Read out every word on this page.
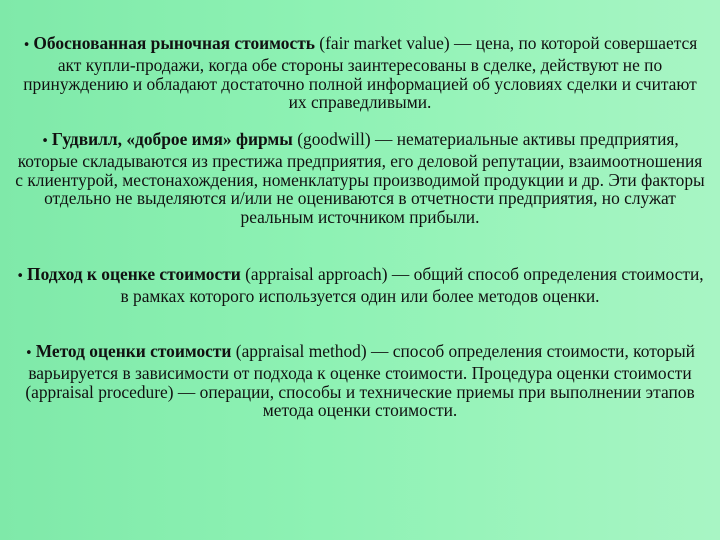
• Обоснованная рыночная стоимость (fair market value) — цена, по которой совершается акт купли-продажи, когда обе стороны заинтересованы в сделке, действуют не по принуждению и обладают достаточно полной информацией об условиях сделки и считают их справедливыми.

• Гудвилл, «доброе имя» фирмы (goodwill) — нематериальные активы предприятия, которые складываются из престижа предприятия, его деловой репутации, взаимоотношения с клиентурой, местонахождения, номенклатуры производимой продукции и др. Эти факторы отдельно не выделяются и/или не оцениваются в отчетности предприятия, но служат реальным источником прибыли.

• Подход к оценке стоимости (appraisal approach) — общий способ определения стоимости, в рамках которого используется один или более методов оценки.

• Метод оценки стоимости (appraisal method) — способ определения стоимости, который варьируется в зависимости от подхода к оценке стоимости. Процедура оценки стоимости (appraisal procedure) — операции, способы и технические приемы при выполнении этапов метода оценки стоимости.
